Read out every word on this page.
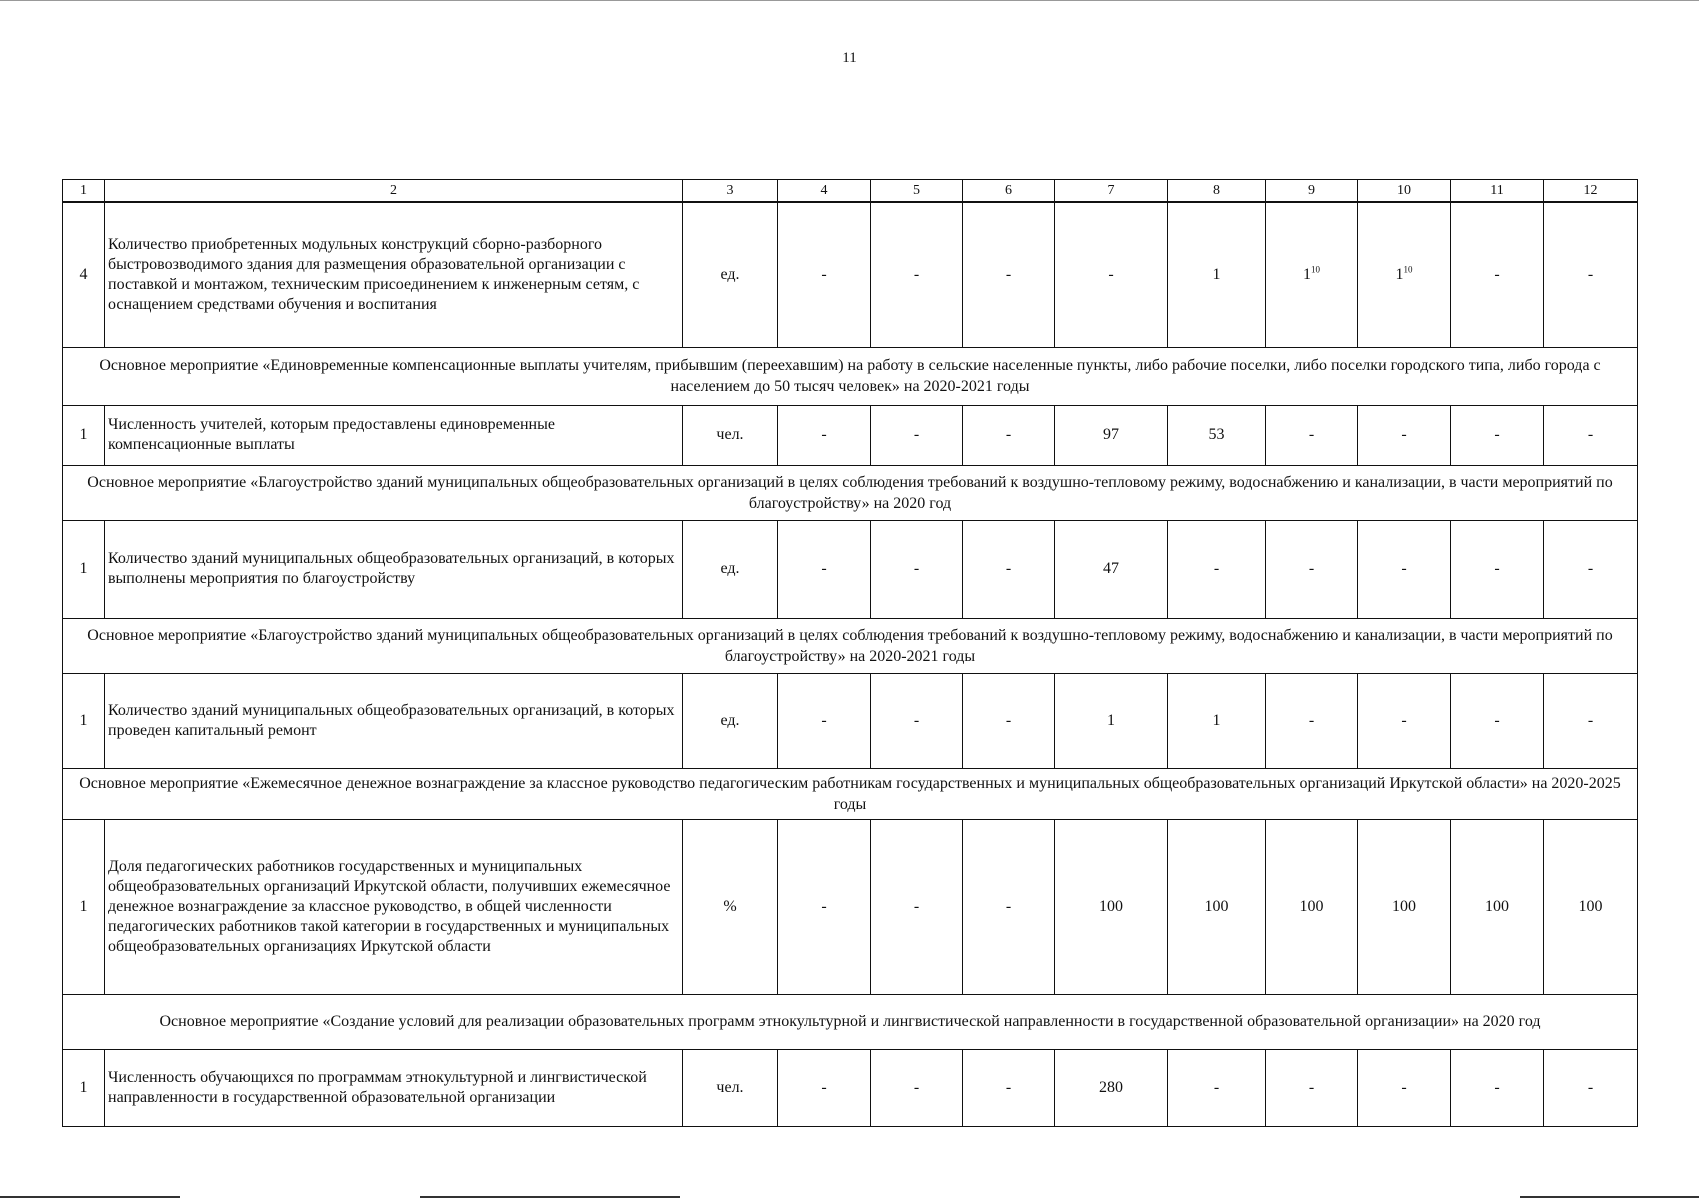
11
1	2	3	4	5	6	7	8	9	10	11	12
4	Количество приобретенных модульных конструкций сборно-разборного быстровозводимого здания для размещения образовательной организации с поставкой и монтажом, техническим присоединением к инженерным сетям, с оснащением средствами обучения и воспитания	ед.	-	-	-	-	1	$1^{10}$	$1^{10}$	-	-
Основное мероприятие «Единовременные компенсационные выплаты учителям, прибывшим (переехавшим) на работу в сельские населенные пункты, либо рабочие поселки, либо поселки городского типа, либо города с населением до 50 тысяч человек» на 2020-2021 годы											
1	Численность учителей, которым предоставлены единовременные компенсационные выплаты	чел.	-	-	-	97	53	-	-	-	-
Основное мероприятие «Благоустройство зданий муниципальных общеобразовательных организаций в целях соблюдения требований к воздушно-тепловому режиму, водоснабжению и канализации, в части мероприятий по благоустройству» на 2020 год											
1	Количество зданий муниципальных общеобразовательных организаций, в которых выполнены мероприятия по благоустройству	ед.	-	-	-	47	-	-	-	-	-
Основное мероприятие «Благоустройство зданий муниципальных общеобразовательных организаций в целях соблюдения требований к воздушно-тепловому режиму, водоснабжению и канализации, в части мероприятий по благоустройству» на 2020-2021 годы											
1	Количество зданий муниципальных общеобразовательных организаций, в которых проведен капитальный ремонт	ед.	-	-	-	1	1	-	-	-	-
Основное мероприятие «Ежемесячное денежное вознаграждение за классное руководство педагогическим работникам государственных и муниципальных общеобразовательных организаций Иркутской области» на 2020-2025 годы											
1	Доля педагогических работников государственных и муниципальных общеобразовательных организаций Иркутской области, получивших ежемесячное денежное вознаграждение за классное руководство, в общей численности педагогических работников такой категории в государственных и муниципальных общеобразовательных организациях Иркутской области	%	-	-	-	100	100	100	100	100	100
Основное мероприятие «Создание условий для реализации образовательных программ этнокультурной и лингвистической направленности в государственной образовательной организации» на 2020 год											
1	Численность обучающихся по программам этнокультурной и лингвистической направленности в государственной образовательной организации	чел.	-	-	-	280	-	-	-	-	-
